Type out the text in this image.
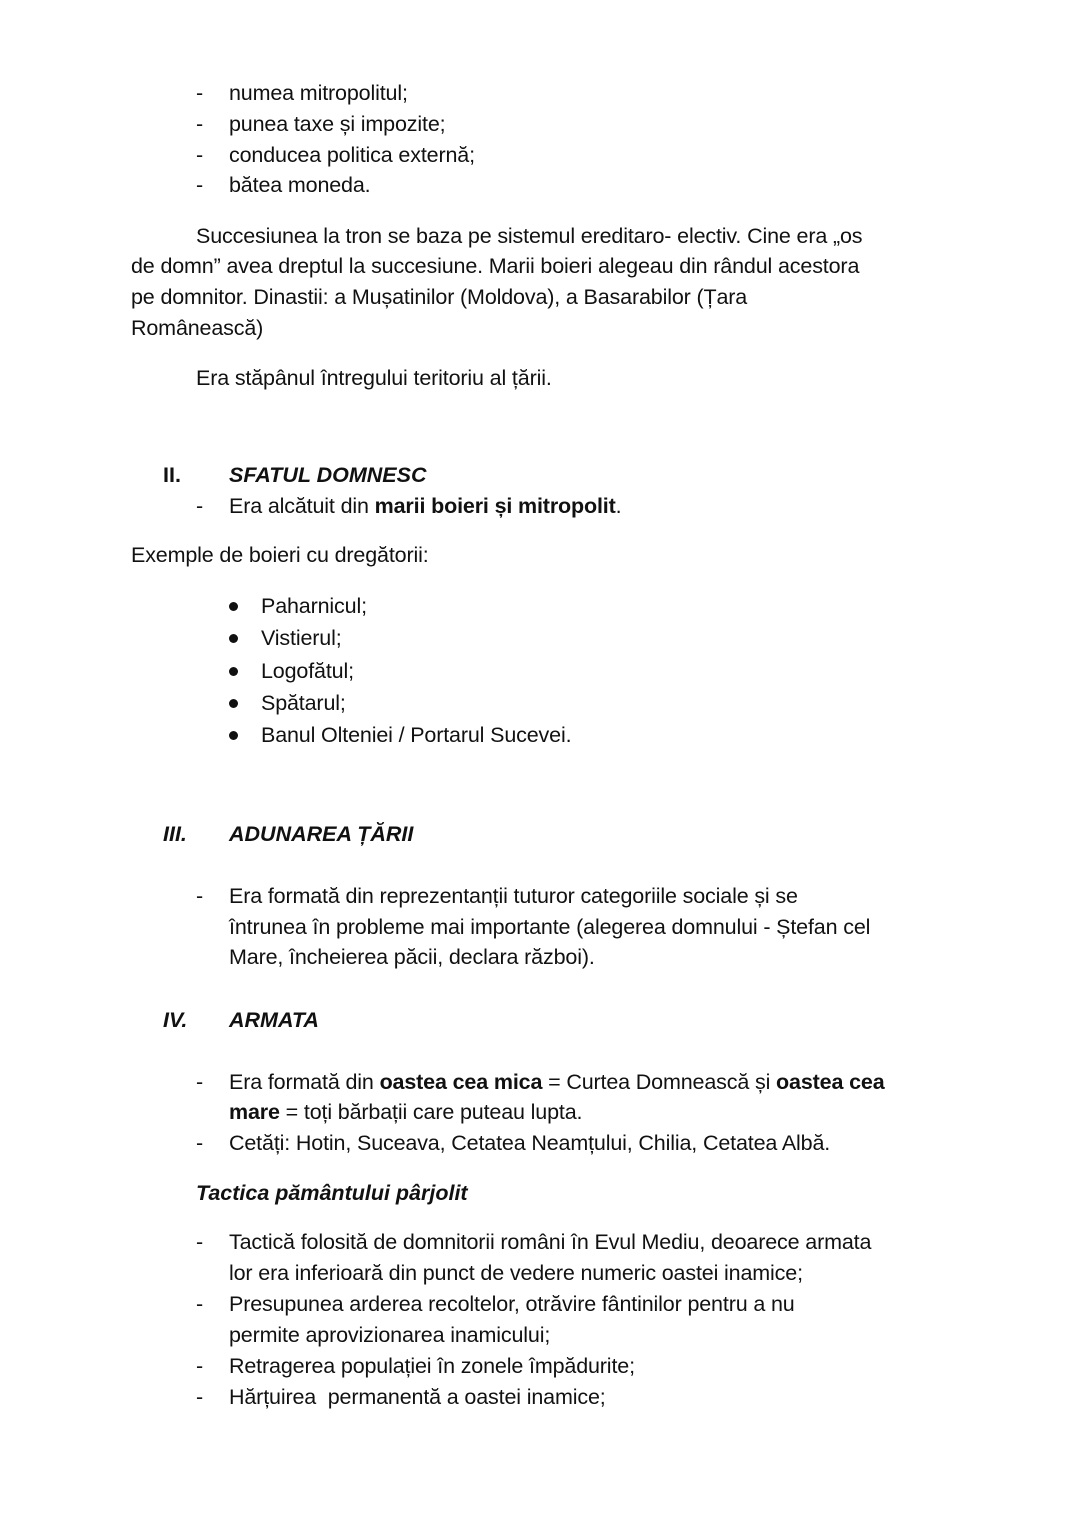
- numea mitropolitul;
- punea taxe și impozite;
- conducea politica externă;
- bătea moneda.
Succesiunea la tron se baza pe sistemul ereditaro- electiv. Cine era „os
de domn” avea dreptul la succesiune. Marii boieri alegeau din rândul acestora
pe domnitor. Dinastii: a Mușatinilor (Moldova), a Basarabilor (Țara
Românească)
Era stăpânul întregului teritoriu al țării.
II. SFATUL DOMNESC
- Era alcătuit din marii boieri și mitropolit.
Exemple de boieri cu dregătorii:
Paharnicul;
Vistierul;
Logofătul;
Spătarul;
Banul Olteniei / Portarul Sucevei.
III. ADUNAREA ȚĂRII
- Era formată din reprezentanții tuturor categoriile sociale și se
întrunea în probleme mai importante (alegerea domnului - Ștefan cel
Mare, încheierea păcii, declara război).
IV. ARMATA
- Era formată din oastea cea mica = Curtea Domnească și oastea cea
mare = toți bărbații care puteau lupta.
- Cetăți: Hotin, Suceava, Cetatea Neamțului, Chilia, Cetatea Albă.
Tactica pământului pârjolit
- Tactică folosită de domnitorii români în Evul Mediu, deoarece armata
lor era inferioară din punct de vedere numeric oastei inamice;
- Presupunea arderea recoltelor, otrăvire fântinilor pentru a nu
permite aprovizionarea inamicului;
- Retragerea populației în zonele împădurite;
- Hărțuirea  permanentă a oastei inamice;
